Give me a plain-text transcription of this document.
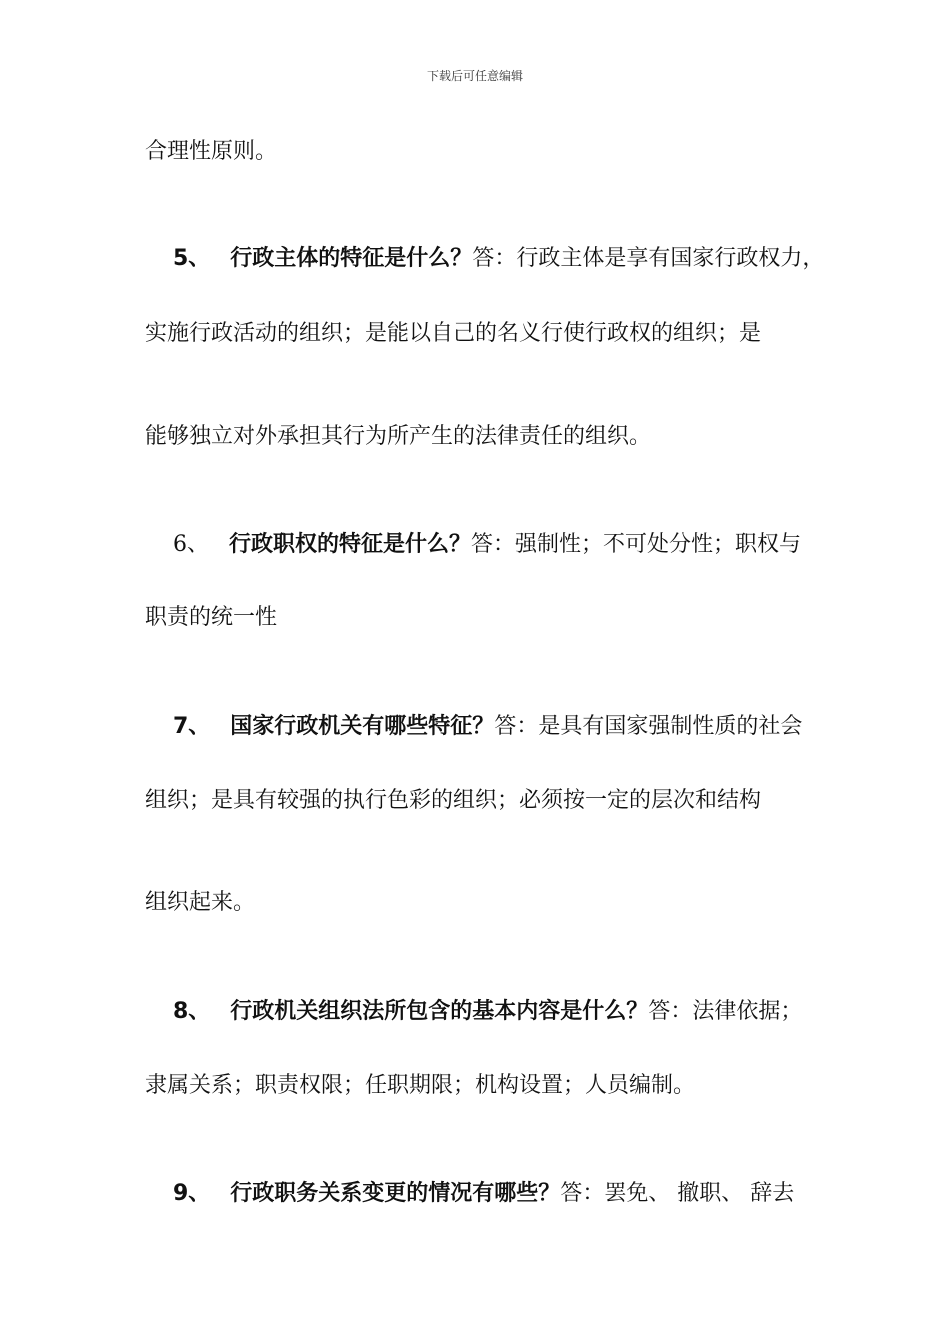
下载后可任意编辑
合理性原则。

5、 行政主体的特征是什么？答：行政主体是享有国家行政权力，

实施行政活动的组织；是能以自己的名义行使行政权的组织；是
能够独立对外承担其行为所产生的法律责任的组织。

6、 行政职权的特征是什么？答：强制性；不可处分性；职权与

职责的统一性

7、 国家行政机关有哪些特征？答：是具有国家强制性质的社会

组织；是具有较强的执行色彩的组织；必须按一定的层次和结构
组织起来。

8、 行政机关组织法所包含的基本内容是什么？答：法律依据；

隶属关系；职责权限；任职期限；机构设置；人员编制。

9、 行政职务关系变更的情况有哪些？答：罢免、 撤职、 辞去
